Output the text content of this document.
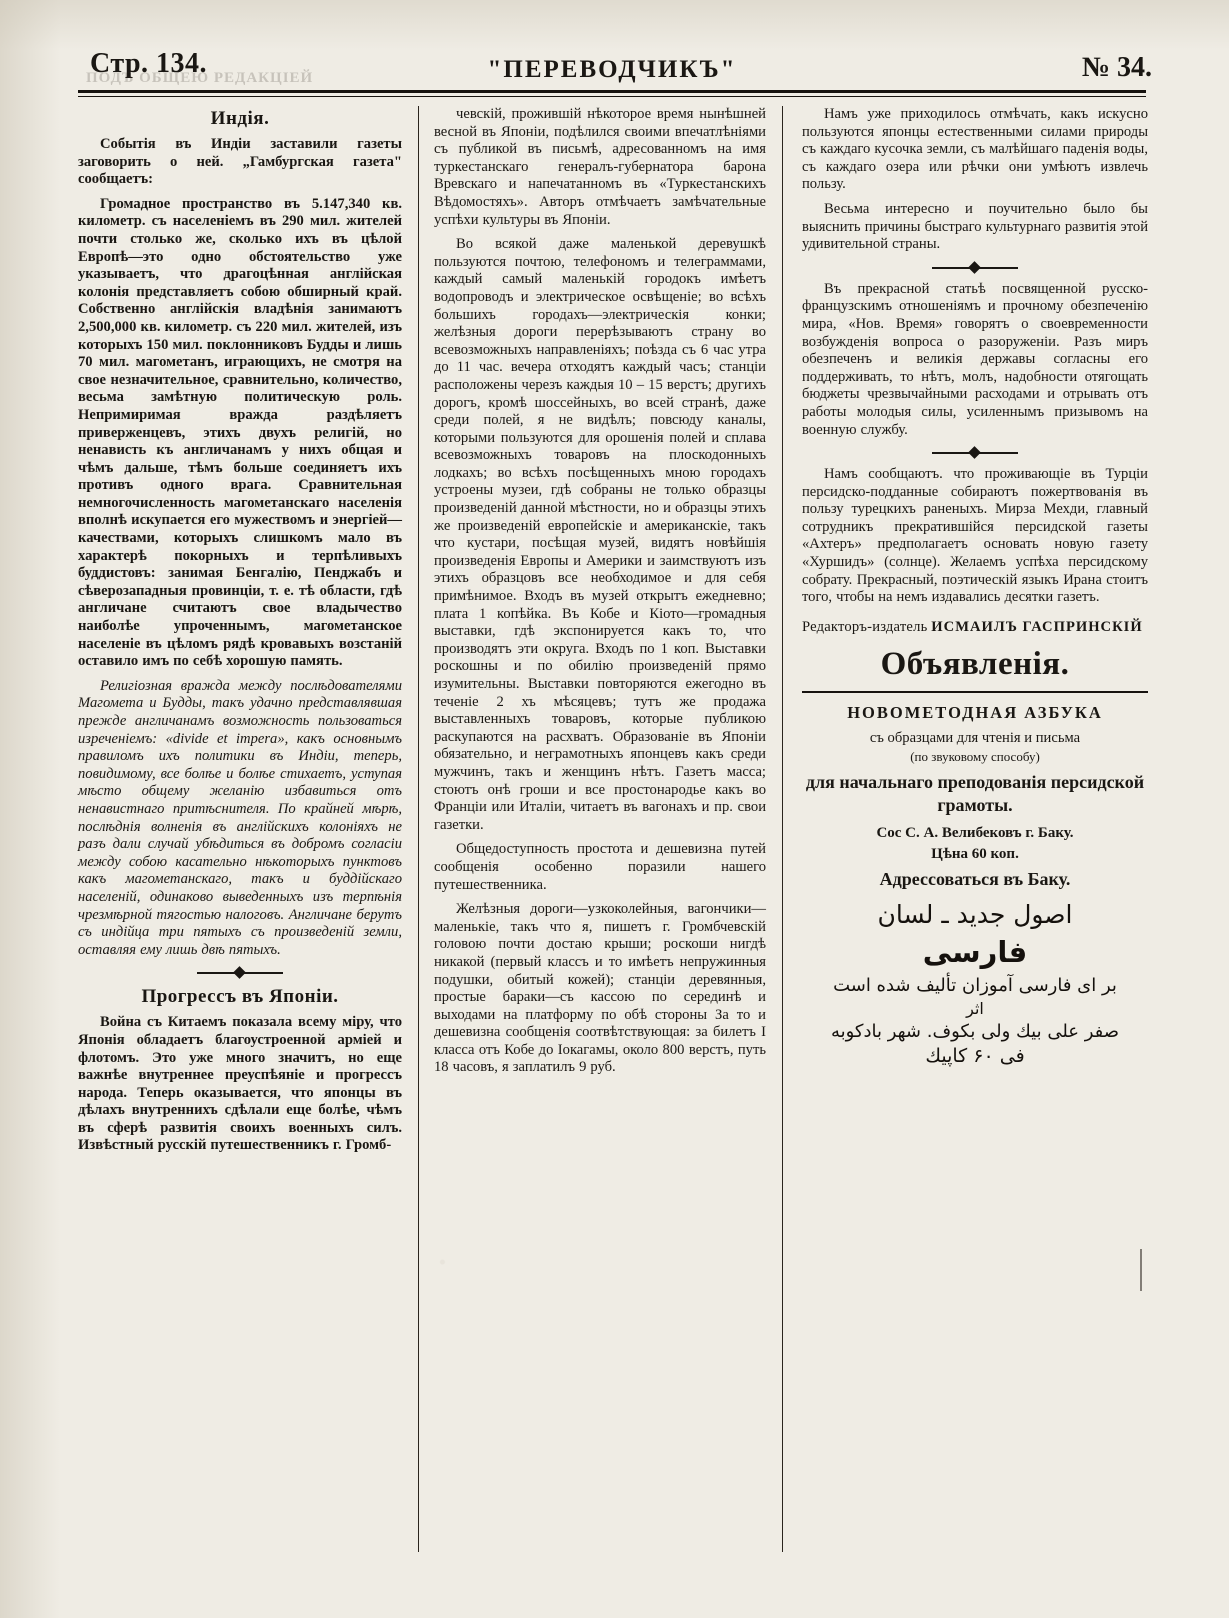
Стр. 134.	"ПЕРЕВОДЧИКЪ"	№ 34.
ПОДЪ ОБЩЕЮ РЕДАКЦIЕЙ
Индія.

Событія въ Индіи заставили газеты заговорить о ней. „Гамбургская газета" сообщаетъ:

Громадное пространство въ 5.147,340 кв. километр. съ населеніемъ въ 290 мил. жителей почти столько же, сколько ихъ въ цѣлой Европѣ—это одно обстоятельство уже указываетъ, что драгоцѣнная англійская колонія представляетъ собою обширный край. Собственно англійскія владѣнія занимаютъ 2,500,000 кв. километр. съ 220 мил. жителей, изъ которыхъ 150 мил. поклонниковъ Будды и лишь 70 мил. магометанъ, играющихъ, не смотря на свое незначительное, сравнительно, количество, весьма замѣтную политическую роль. Непримиримая вражда раздѣляетъ приверженцевъ, этихъ двухъ религій, но ненависть къ англичанамъ у нихъ общая и чѣмъ дальше, тѣмъ больше соединяетъ ихъ противъ одного врага. Сравнительная немногочисленность магометанскаго населенія вполнѣ искупается его мужествомъ и энергіей—качествами, которыхъ слишкомъ мало въ характерѣ покорныхъ и терпѣливыхъ буддистовъ: занимая Бенгалію, Пенджабъ и сѣверозападныя провинціи, т. е. тѣ области, гдѣ англичане считаютъ свое владычество наиболѣе упроченнымъ, магометанское населеніе въ цѣломъ рядѣ кровавыхъ возстаній оставило имъ по себѣ хорошую память.

Религіозная вражда между послѣдователями Магомета и Будды, такъ удачно представлявшая прежде англичанамъ возможность пользоваться изреченіемъ: «divide et impera», какъ основнымъ правиломъ ихъ политики въ Индіи, теперь, повидимому, все болѣе и болѣе стихаетъ, уступая мѣсто общему желанію избавиться отъ ненавистнаго притѣснителя. По крайней мѣрѣ, послѣднія волненія въ англійскихъ колоніяхъ не разъ дали случай убѣдиться въ добромъ согласіи между собою касательно нѣкоторыхъ пунктовъ какъ магометанскаго, такъ и буддійскаго населеній, одинаково выведенныхъ изъ терпѣнія чрезмѣрной тягостью налоговъ. Англичане берутъ съ индійца три пятыхъ съ произведеній земли, оставляя ему лишь двѣ пятыхъ.

Прогрессъ въ Японіи.

Война съ Китаемъ показала всему міру, что Японія обладаетъ благоустроенной арміей и флотомъ. Это уже много значитъ, но еще важнѣе внутреннее преуспѣяніе и прогрессъ народа. Теперь оказывается, что японцы въ дѣлахъ внутреннихъ сдѣлали еще болѣе, чѣмъ въ сферѣ развитія своихъ военныхъ силъ. Извѣстный русскій путешественникъ г. Громб-

чевскій, прожившій нѣкоторое время нынѣшней весной въ Японіи, подѣлился своими впечатлѣніями съ публикой въ письмѣ, адресованномъ на имя туркестанскаго генералъ-губернатора барона Вревскаго и напечатанномъ въ «Туркестанскихъ Вѣдомостяхъ». Авторъ отмѣчаетъ замѣчательные успѣхи культуры въ Японіи.

Во всякой даже маленькой деревушкѣ пользуются почтою, телефономъ и телеграммами, каждый самый маленькій городокъ имѣетъ водопроводъ и электрическое освѣщеніе; во всѣхъ большихъ городахъ—электрическія конки; желѣзныя дороги перерѣзываютъ страну во всевозможныхъ направленіяхъ; поѣзда съ 6 час утра до 11 час. вечера отходятъ каждый часъ; станціи расположены черезъ каждыя 10 – 15 верстъ; другихъ дорогъ, кромѣ шоссейныхъ, во всей странѣ, даже среди полей, я не видѣлъ; повсюду каналы, которыми пользуются для орошенія полей и сплава всевозможныхъ товаровъ на плоскодонныхъ лодкахъ; во всѣхъ посѣщенныхъ мною городахъ устроены музеи, гдѣ собраны не только образцы произведеній данной мѣстности, но и образцы этихъ же произведеній европейскіе и американскіе, такъ что кустари, посѣщая музей, видятъ новѣйшія произведенія Европы и Америки и заимствуютъ изъ этихъ образцовъ все необходимое и для себя примѣнимое. Входъ въ музей открытъ ежедневно; плата 1 копѣйка. Въ Кобе и Кіото—громадныя выставки, гдѣ экспонируется какъ то, что производятъ эти округа. Входъ по 1 коп. Выставки роскошны и по обилію произведеній прямо изумительны. Выставки повторяются ежегодно въ теченіе 2 хъ мѣсяцевъ; тутъ же продажа выставленныхъ товаровъ, которые публикою раскупаются на расхватъ. Образованіе въ Японіи обязательно, и неграмотныхъ японцевъ какъ среди мужчинъ, такъ и женщинъ нѣтъ. Газетъ масса; стоютъ онѣ гроши и все простонародье какъ во Франціи или Италіи, читаетъ въ вагонахъ и пр. свои газетки.

Общедоступность простота и дешевизна путей сообщенія особенно поразили нашего путешественника.

Желѣзныя дороги—узкоколейныя, вагончики—маленькіе, такъ что я, пишетъ г. Громбчевскій головою почти достаю крыши; роскоши нигдѣ никакой (первый классъ и то имѣетъ непружинныя подушки, обитый кожей); станціи деревянныя, простые бараки—съ кассою по серединѣ и выходами на платформу по обѣ стороны За то и дешевизна сообщенія соотвѣтствующая: за билетъ I класса отъ Кобе до Іокагамы, около 800 верстъ, путь 18 часовъ, я заплатилъ 9 руб.

Намъ уже приходилось отмѣчать, какъ искусно пользуются японцы естественными силами природы съ каждаго кусочка земли, съ малѣйшаго паденія воды, съ каждаго озера или рѣчки они умѣютъ извлечь пользу.

Весьма интересно и поучительно было бы выяснить причины быстраго культурнаго развитія этой удивительной страны.

Въ прекрасной статьѣ посвященной русско-французскимъ отношеніямъ и прочному обезпеченію мира, «Нов. Время» говорятъ о своевременности возбужденія вопроса о разоруженіи. Разъ миръ обезпеченъ и великія державы согласны его поддерживать, то нѣтъ, молъ, надобности отягощать бюджеты чрезвычайными расходами и отрывать отъ работы молодыя силы, усиленнымъ призывомъ на военную службу.

Намъ сообщаютъ. что проживающіе въ Турціи персидско-подданные собираютъ пожертвованія въ пользу турецкихъ раненыхъ. Мирза Мехди, главный сотрудникъ прекратившійся персидской газеты «Ахтеръ» предполагаетъ основать новую газету «Хуршидъ» (солнце). Желаемъ успѣха персидскому собрату. Прекрасный, поэтическій языкъ Ирана стоитъ того, чтобы на немъ издавались десятки газетъ.

Редакторъ-издатель ИСМАИЛЪ ГАСПРИНСКІЙ
Объявленія.
НОВОМЕТОДНАЯ АЗБУКА
съ образцами для чтенія и письма
(по звуковому способу)
для начальнаго преподованія персидской грамоты.
Сос С. А. Велибековъ г. Баку.
Цѣна 60 коп.
Адрессоваться въ Баку.
اصول جدید ـ لسان
فارسی
بر ای فارسی آموزان تألیف شده است
اثر
صفر علی بیك ولی بكوف. شهر بادكوبه
فی ۶۰ كاپیك
